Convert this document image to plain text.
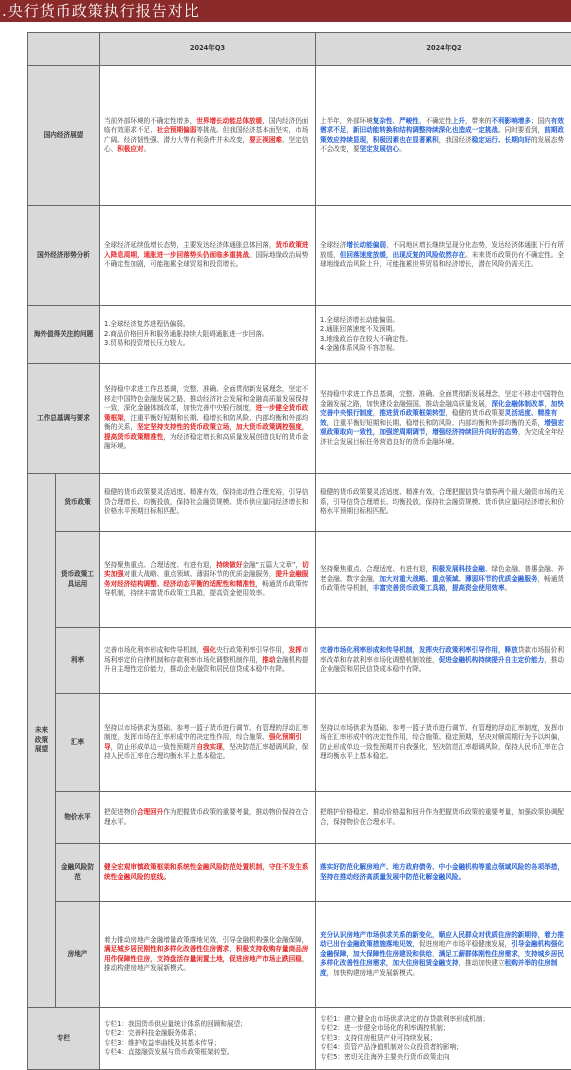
.央行货币政策执行报告对比
		2024年Q3	2024年Q2
国内经济展望		当前外部环境的不确定性增多，世界增长动能总体放缓，国内经济仍面临有效需求不足、社会预期偏弱等挑战。但我国经济基本面坚实，市场广阔、经济韧性强、潜力大等有利条件并未改变，要正视困难、坚定信心、积极应对。	上半年，外部环境复杂性、严峻性、不确定性上升，带来的不利影响增多；国内有效需求不足，新旧动能转换和结构调整持续深化也造成一定挑战。同时要看到，前期政策效应持续显现，积极因素也在显著累积，我国经济稳定运行、长期向好的发展态势不会改变，要坚定发展信心。
国外经济形势分析		全球经济延续低增长态势，主要发达经济体通胀总体回落，货币政策进入降息周期，通胀进一步回落势头仍面临多重挑战。国际地缘政治局势不确定性加剧，可能拖累全球贸易和投资增长。	全球经济增长动能偏弱，不同地区增长继续呈现分化态势，发达经济体通胀下行有所放缓，但回落速度放缓，出现反复的风险依然存在。未来货币政策仍有不确定性。全球地缘政治风险上升，可能拖累世界贸易和经济增长，潜在风险仍需关注。
海外值得关注的问题		1.全球经济复苏进程仍偏弱。
2.商品价格回升和服务通胀持续大阻碍通胀进一步回落。
3.贸易和投资增长压力较大。	1.全球经济增长动能偏弱。
2.通胀回落速度不及预期。
3.地缘政治存在较大不确定性。
4.金融体系风险不容忽视。

工作总基调与要求		坚持稳中求进工作总基调，完整、准确、全面贯彻新发展理念，坚定不移走中国特色金融发展之路，推动经济社会发展和金融高质量发展保持一致，深化金融体制改革，加快完善中央银行制度，进一步健全货币政策框架，注重平衡好短期和长期、稳增长和防风险、内部均衡和外部均衡的关系，坚定坚持支持性的货币政策立场，加大货币政策调控强度，提高货币政策精准性，为经济稳定增长和高质量发展创造良好的货币金融环境。	坚持稳中求进工作总基调，完整、准确、全面贯彻新发展理念，坚定不移走中国特色金融发展之路，加快建设金融强国，推动金融高质量发展，深化金融体制改革，加快完善中央银行制度，推进货币政策框架转型，稳健的货币政策要灵活适度、精准有效，注重平衡好短期和长期、稳增长和防风险、内部均衡和外部均衡的关系，增强宏观政策取向一致性，加强逆周期调节，增强经济持续回升向好的态势，为完成全年经济社会发展目标任务营造良好的货币金融环境。
未来政策展望	货币政策	稳健的货币政策要灵活适度、精准有效，保持流动性合理充裕，引导信贷合理增长、均衡投放，保持社会融资规模、货币供应量同经济增长和价格水平预期目标相匹配。	稳健的货币政策要灵活适度、精准有效，合理把握信贷与债券两个最大融资市场的关系，引导信贷合理增长、均衡投放，保持社会融资规模、货币供应量同经济增长和价格水平预期目标相匹配。
	货币政策工具运用	坚持聚焦重点、合理适度、有进有退，持续做好金融“五篇大文章”，切实加强对重大战略、重点领域、薄弱环节的优质金融服务，提升金融服务对经济结构调整、经济动态平衡的适配性和精准性，畅通货币政策传导机制，持续丰富货币政策工具箱，提高资金使用效率。	坚持聚焦重点、合理适度、有进有退，积极发展科技金融、绿色金融、普惠金融、养老金融、数字金融，加大对重大战略、重点领域、薄弱环节的优质金融服务，畅通货币政策传导机制，丰富完善货币政策工具箱，提高资金使用效率。
	利率	完善市场化利率形成和传导机制，强化央行政策利率引导作用，发挥市场利率定价自律机制和存款利率市场化调整机制作用，推动金融机构提升自主理性定价能力，推动企业融资和居民信贷成本稳中有降。	完善市场化利率形成和传导机制，发挥央行政策利率引导作用，释放贷款市场报价利率改革和存款利率市场化调整机制效能，促进金融机构持续提升自主定价能力，推动企业融资和居民信贷成本稳中有降。
	汇率	坚持以市场供求为基础、参考一篮子货币进行调节、有管理的浮动汇率制度，发挥市场在汇率形成中的决定性作用，综合施策、强化预期引导，防止形成单边一致性预期并自我实现，坚决防范汇率超调风险，保持人民币汇率在合理均衡水平上基本稳定。	坚持以市场供求为基础、参考一篮子货币进行调节、有管理的浮动汇率制度，发挥市场在汇率形成中的决定性作用，综合施策、稳定预期，坚决对顺周期行为予以纠偏，防止形成单边一致性预期并自我强化，坚决防范汇率超调风险，保持人民币汇率在合理均衡水平上基本稳定。
	物价水平	把促进物价合理回升作为把握货币政策的重要考量，推动物价保持在合理水平。	把维护价格稳定、推动价格温和回升作为把握货币政策的重要考量，加强政策协调配合，保持物价在合理水平。
	金融风险防范	健全宏观审慎政策框架和系统性金融风险防范处置机制，守住不发生系统性金融风险的底线。	落实好防范化解房地产、地方政府债务、中小金融机构等重点领域风险的各项举措，坚持在推动经济高质量发展中防范化解金融风险。
	房地产	着力推动房地产金融增量政策落地见效，引导金融机构强化金融保障，满足城乡居民刚性和多样化改善性住房需求，积极支持收购存量商品房用作保障性住房，支持盘活存量闲置土地，促进房地产市场止跌回稳，推动构建房地产发展新模式。	充分认识房地产市场供求关系的新变化，顺应人民群众对优质住房的新期待，着力推动已出台金融政策措施落地见效，促进房地产市场平稳健康发展，引导金融机构强化金融保障，加大保障性住房建设和供给，满足工薪群体刚性住房需求，支持城乡居民多样化改善性住房需求，加大住房租赁金融支持，推动加快建立租购并举的住房制度，加快构建房地产发展新模式。
专栏		专栏1：我国货币供应量统计体系的回顾和展望；
专栏2：完善科技金融服务体系；
专栏3：维护收益率曲线及其基本传导；
专栏4：直接融资发展与货币政策框架转型。	专栏1：建立健全由市场供求决定的存贷款利率形成机制；
专栏2：进一步健全市场化的利率调控机制；
专栏3：支持住房租赁产业可持续发展；
专栏4：资管产品净值机制对公众投资者的影响；
专栏5：密切关注海外主要央行货币政策走向
